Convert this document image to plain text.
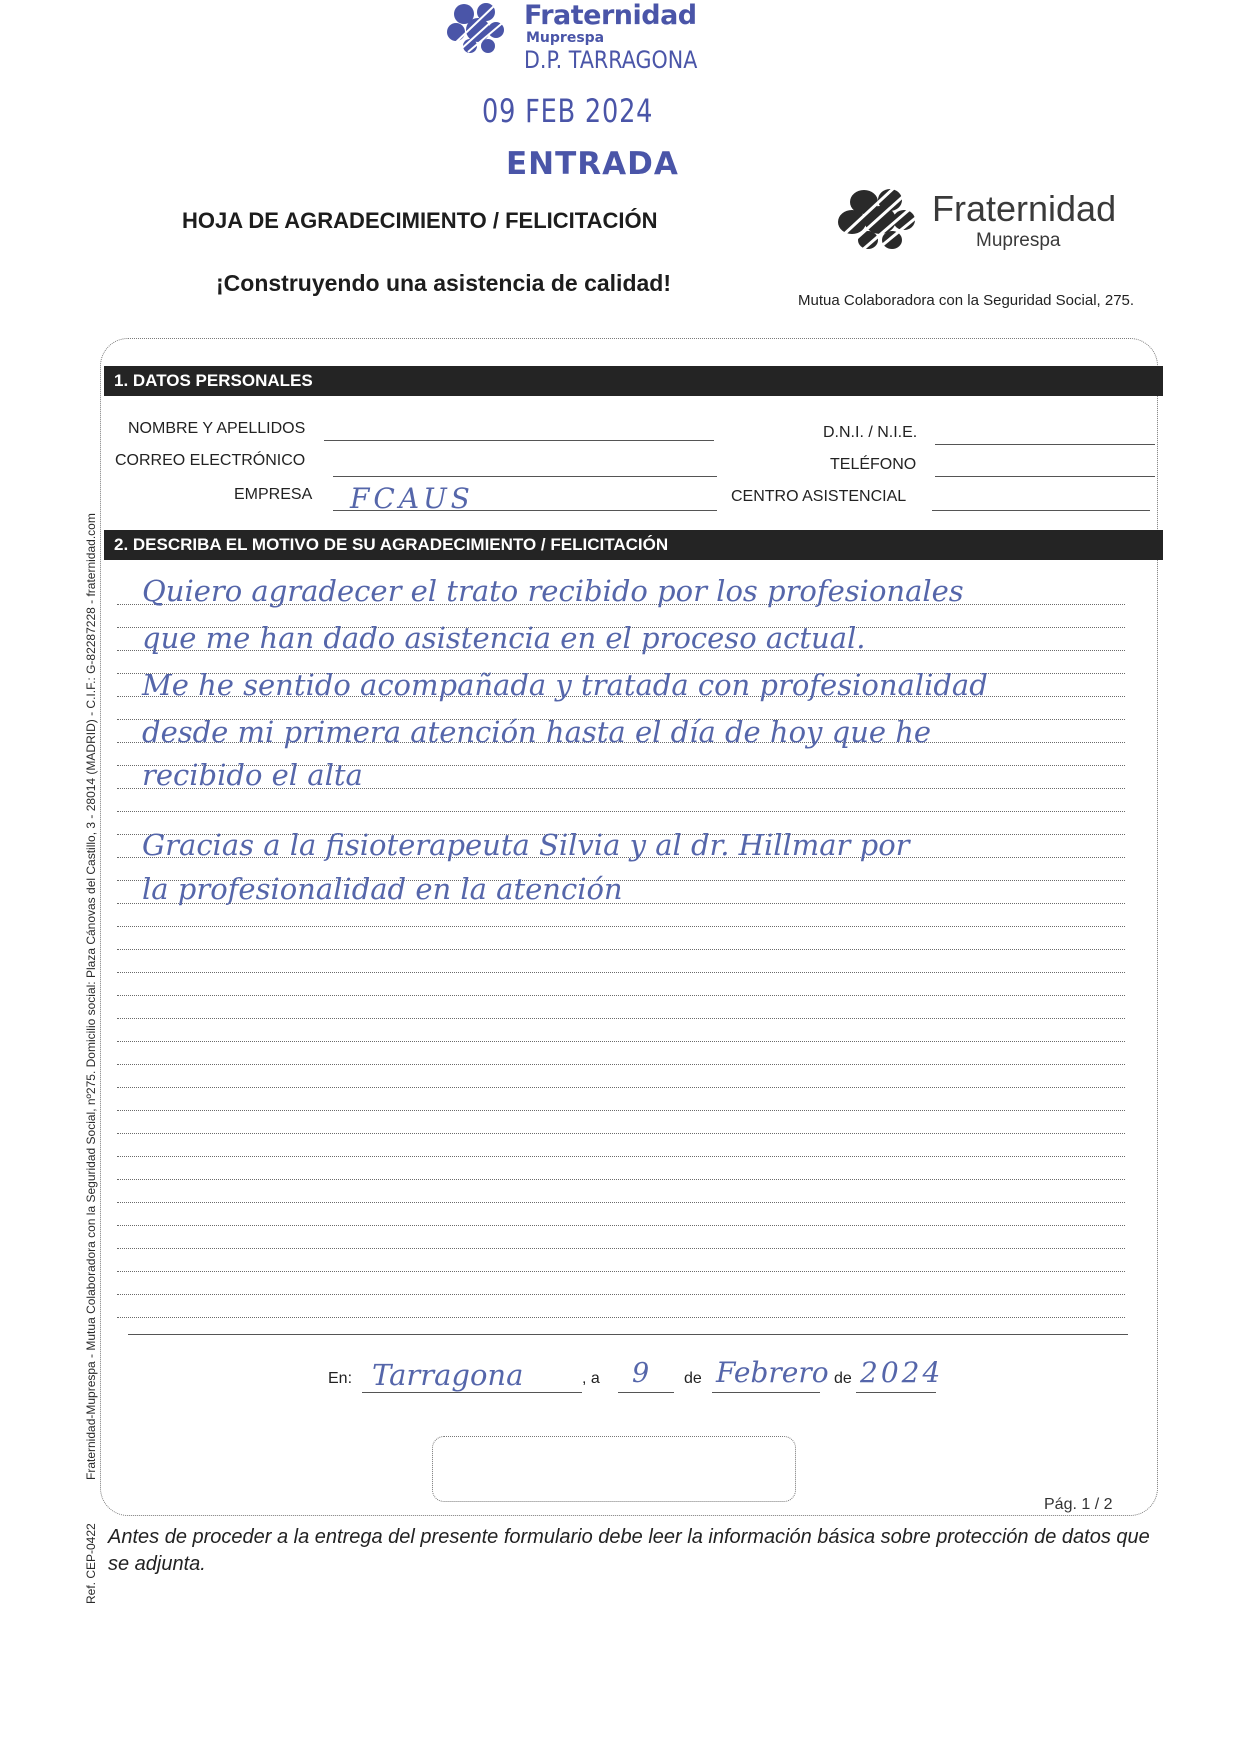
Fraternidad
Muprespa
D.P. TARRAGONA
09 FEB 2024
ENTRADA
HOJA DE AGRADECIMIENTO / FELICITACIÓN
¡Construyendo una asistencia de calidad!
Fraternidad
Muprespa
Mutua Colaboradora con la Seguridad Social, 275.
1. DATOS PERSONALES
NOMBRE Y APELLIDOS	D.N.I. / N.I.E.
CORREO ELECTRÓNICO	TELÉFONO
EMPRESA FCAUS	CENTRO ASISTENCIAL
2. DESCRIBA EL MOTIVO DE SU AGRADECIMIENTO / FELICITACIÓN
Quiero agradecer el trato recibido por los profesionales
que me han dado asistencia en el proceso actual.
Me he sentido acompañada y tratada con profesionalidad
desde mi primera atención hasta el día de hoy que he
recibido el alta
Gracias a la fisioterapeuta Silvia y al dr. Hillmar por
la profesionalidad en la atención
En: Tarragona	, a 9 de Febrero de 2024
Pág. 1 / 2
Antes de proceder a la entrega del presente formulario debe leer la información básica sobre protección de datos que se adjunta.
Fraternidad-Muprespa - Mutua Colaboradora con la Seguridad Social, nº275. Domicilio social: Plaza Cánovas del Castillo, 3 - 28014 (MADRID) - C.I.F.: G-82287228 - fraternidad.com
Ref. CEP-0422
